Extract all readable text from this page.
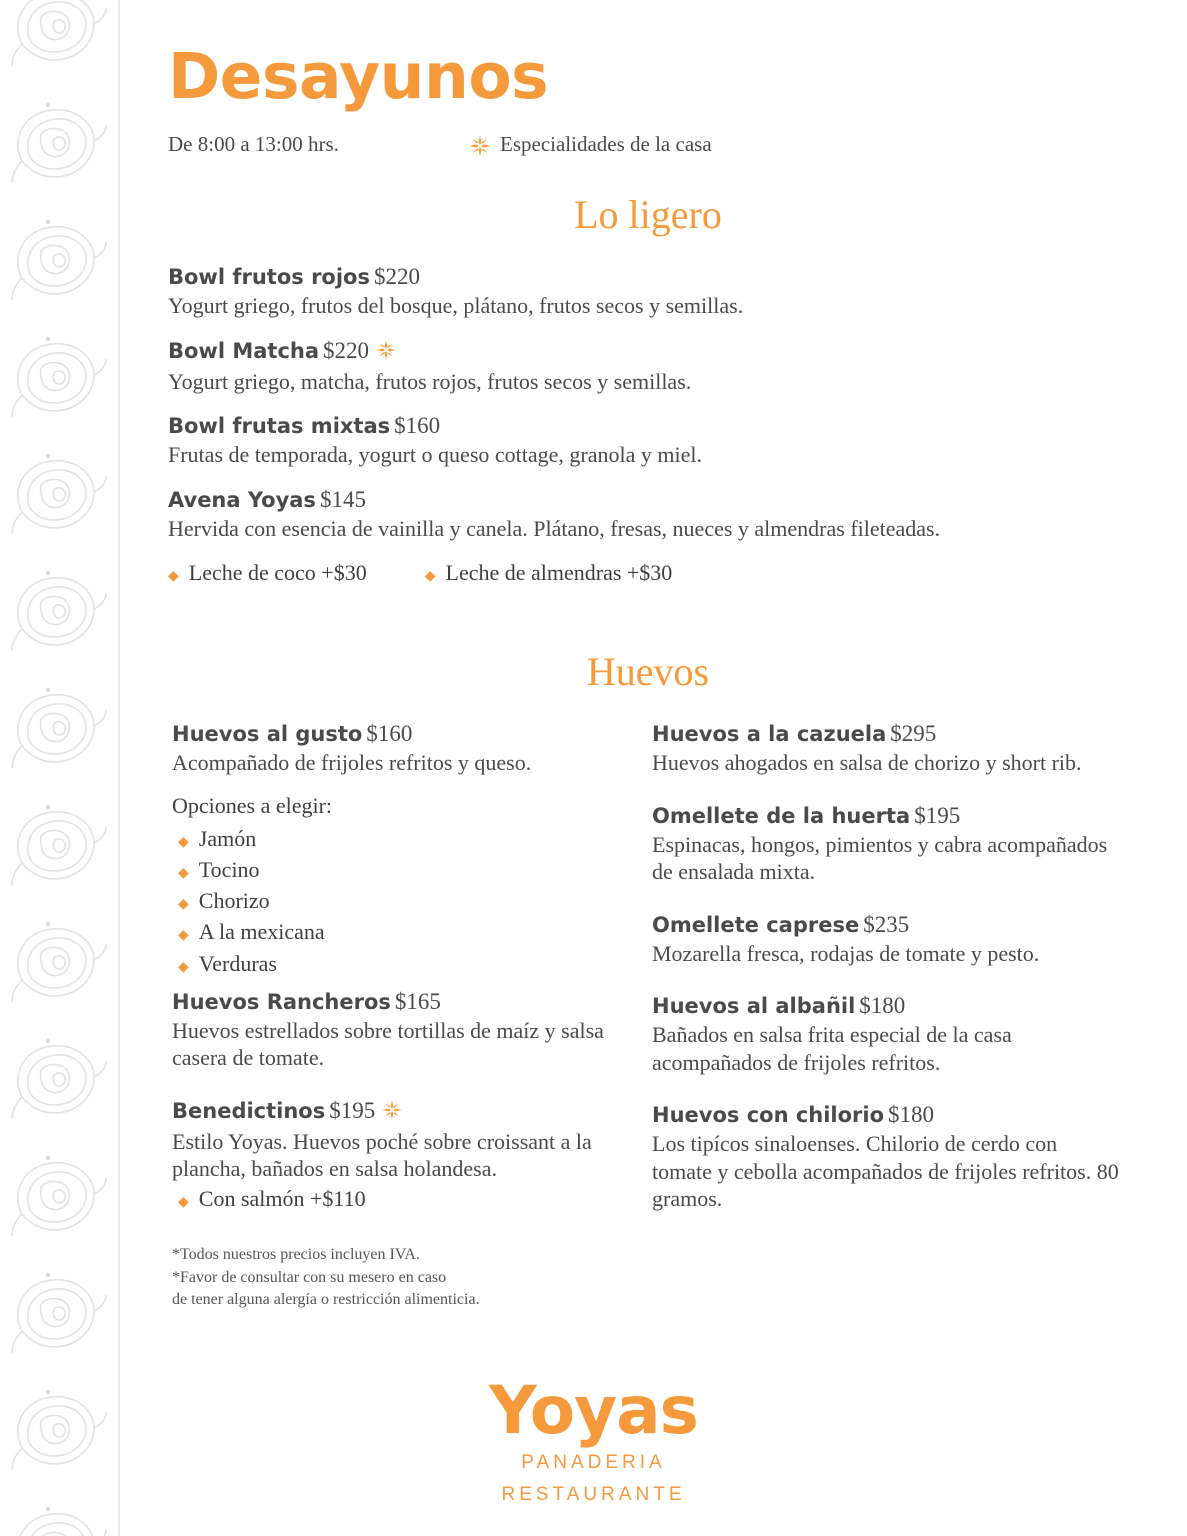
Desayunos
De 8:00 a 13:00 hrs.	Especialidades de la casa
Lo ligero
Bowl frutos rojos $220
Yogurt griego, frutos del bosque, plátano, frutos secos y semillas.
Bowl Matcha $220
Yogurt griego, matcha, frutos rojos, frutos secos y semillas.
Bowl frutas mixtas $160
Frutas de temporada, yogurt o queso cottage, granola y miel.
Avena Yoyas $145
Hervida con esencia de vainilla y canela. Plátano, fresas, nueces y almendras fileteadas.
◆ Leche de coco +$30	◆ Leche de almendras +$30
Huevos
Huevos al gusto $160
Acompañado de frijoles refritos y queso.
Opciones a elegir:
◆ Jamón
◆ Tocino
◆ Chorizo
◆ A la mexicana
◆ Verduras
Huevos Rancheros $165
Huevos estrellados sobre tortillas de maíz y salsa casera de tomate.
Benedictinos $195
Estilo Yoyas. Huevos poché sobre croissant a la plancha, bañados en salsa holandesa.
◆ Con salmón +$110
*Todos nuestros precios incluyen IVA.
*Favor de consultar con su mesero en caso
de tener alguna alergía o restricción alimenticia.
Huevos a la cazuela $295
Huevos ahogados en salsa de chorizo y short rib.
Omellete de la huerta $195
Espinacas, hongos, pimientos y cabra acompañados de ensalada mixta.
Omellete caprese $235
Mozarella fresca, rodajas de tomate y pesto.
Huevos al albañil $180
Bañados en salsa frita especial de la casa acompañados de frijoles refritos.
Huevos con chilorio $180
Los tipícos sinaloenses. Chilorio de cerdo con tomate y cebolla acompañados de frijoles refritos. 80 gramos.
Yoyas
PANADERIA
RESTAURANTE
